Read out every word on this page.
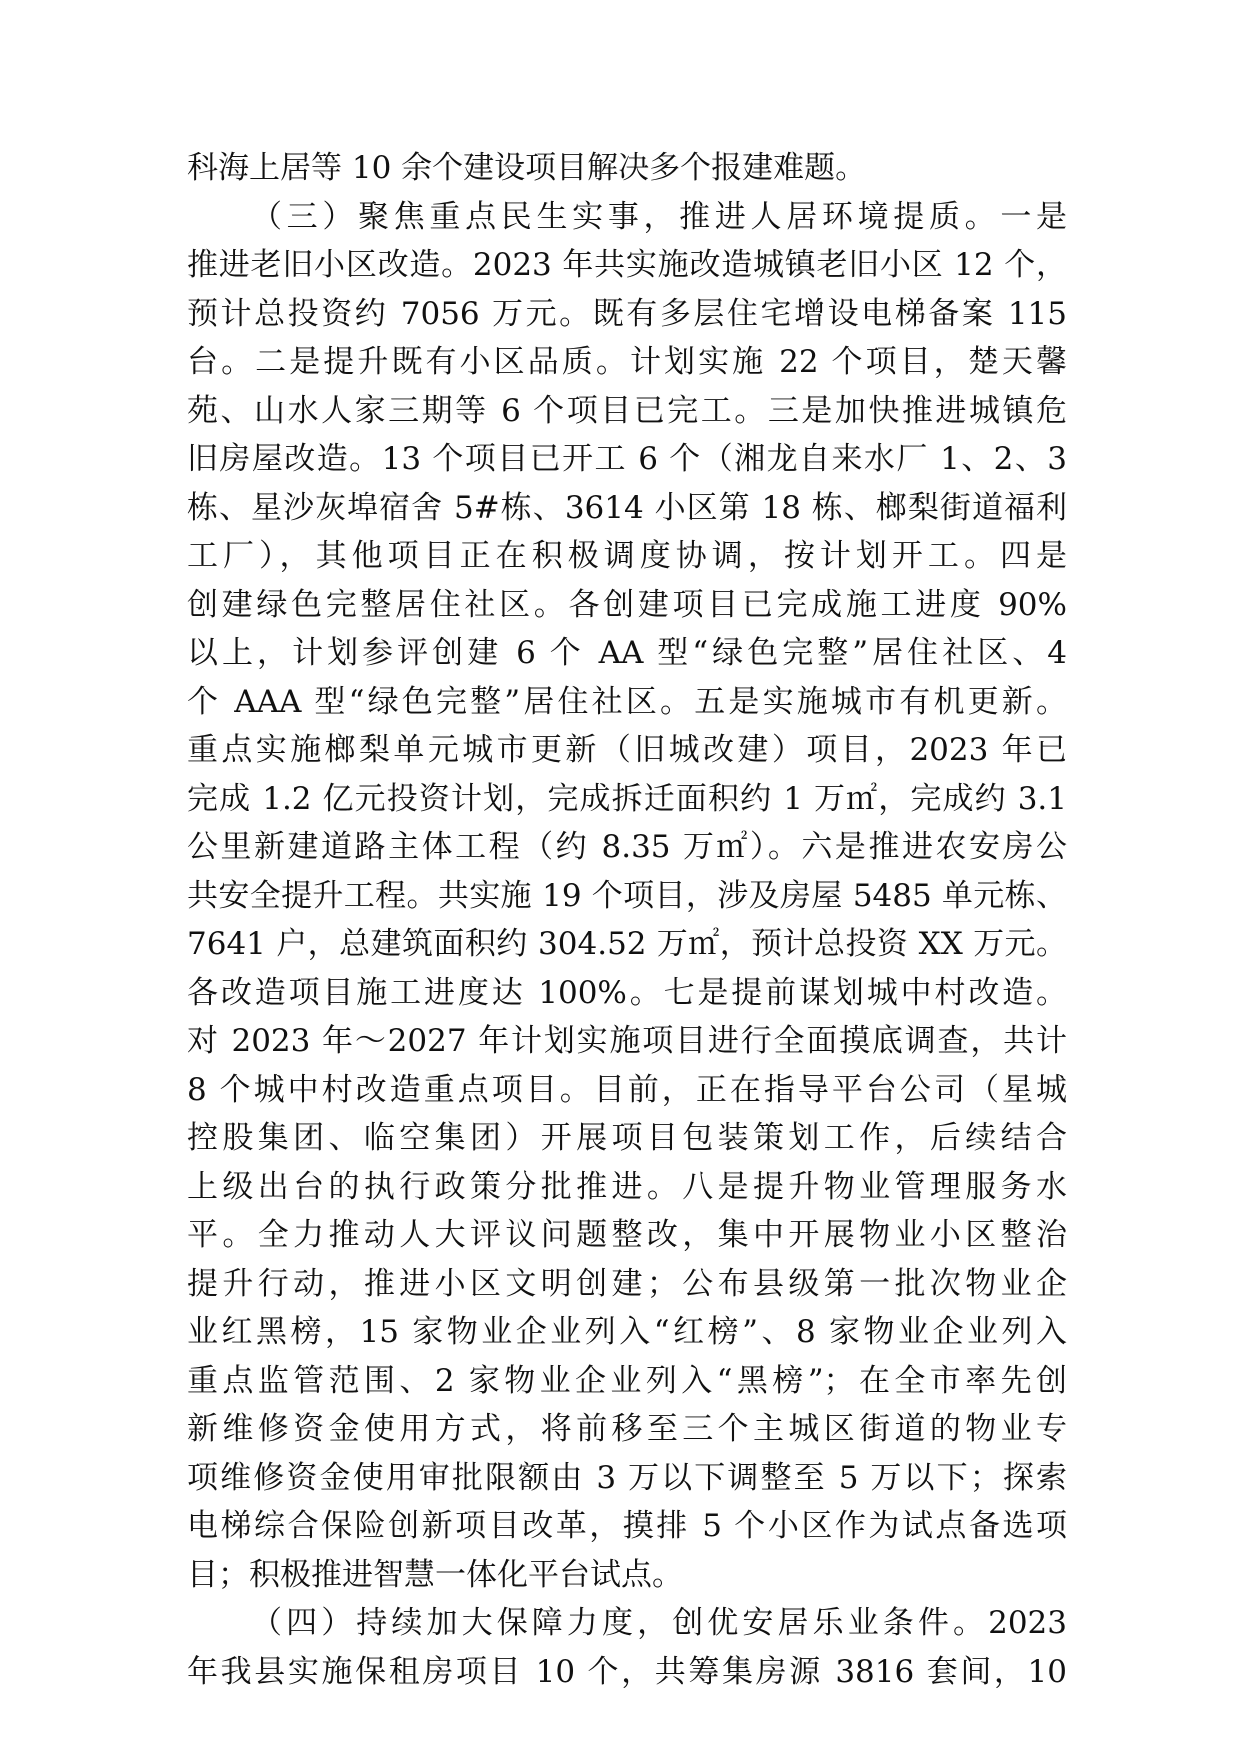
科海上居等 10 余个建设项目解决多个报建难题。
（三）聚焦重点民生实事，推进人居环境提质。一是
推进老旧小区改造。2023 年共实施改造城镇老旧小区 12 个，
预计总投资约 7056 万元。既有多层住宅增设电梯备案 115
台。二是提升既有小区品质。计划实施 22 个项目，楚天馨
苑、山水人家三期等 6 个项目已完工。三是加快推进城镇危
旧房屋改造。13 个项目已开工 6 个（湘龙自来水厂 1、2、3
栋、星沙灰埠宿舍 5#栋、3614 小区第 18 栋、榔梨街道福利
工厂），其他项目正在积极调度协调，按计划开工。四是
创建绿色完整居住社区。各创建项目已完成施工进度 90%
以上，计划参评创建 6 个 AA 型“绿色完整”居住社区、4
个 AAA 型“绿色完整”居住社区。五是实施城市有机更新。
重点实施榔梨单元城市更新（旧城改建）项目，2023 年已
完成 1.2 亿元投资计划，完成拆迁面积约 1 万㎡，完成约 3.1
公里新建道路主体工程（约 8.35 万㎡）。六是推进农安房公
共安全提升工程。共实施 19 个项目，涉及房屋 5485 单元栋、
7641 户，总建筑面积约 304.52 万㎡，预计总投资 XX 万元。
各改造项目施工进度达 100%。七是提前谋划城中村改造。
对 2023 年～2027 年计划实施项目进行全面摸底调查，共计
8 个城中村改造重点项目。目前，正在指导平台公司（星城
控股集团、临空集团）开展项目包装策划工作，后续结合
上级出台的执行政策分批推进。八是提升物业管理服务水
平。全力推动人大评议问题整改，集中开展物业小区整治
提升行动，推进小区文明创建；公布县级第一批次物业企
业红黑榜，15 家物业企业列入“红榜”、8 家物业企业列入
重点监管范围、2 家物业企业列入“黑榜”；在全市率先创
新维修资金使用方式，将前移至三个主城区街道的物业专
项维修资金使用审批限额由 3 万以下调整至 5 万以下；探索
电梯综合保险创新项目改革，摸排 5 个小区作为试点备选项
目；积极推进智慧一体化平台试点。
（四）持续加大保障力度，创优安居乐业条件。2023
年我县实施保租房项目 10 个，共筹集房源 3816 套间，10
